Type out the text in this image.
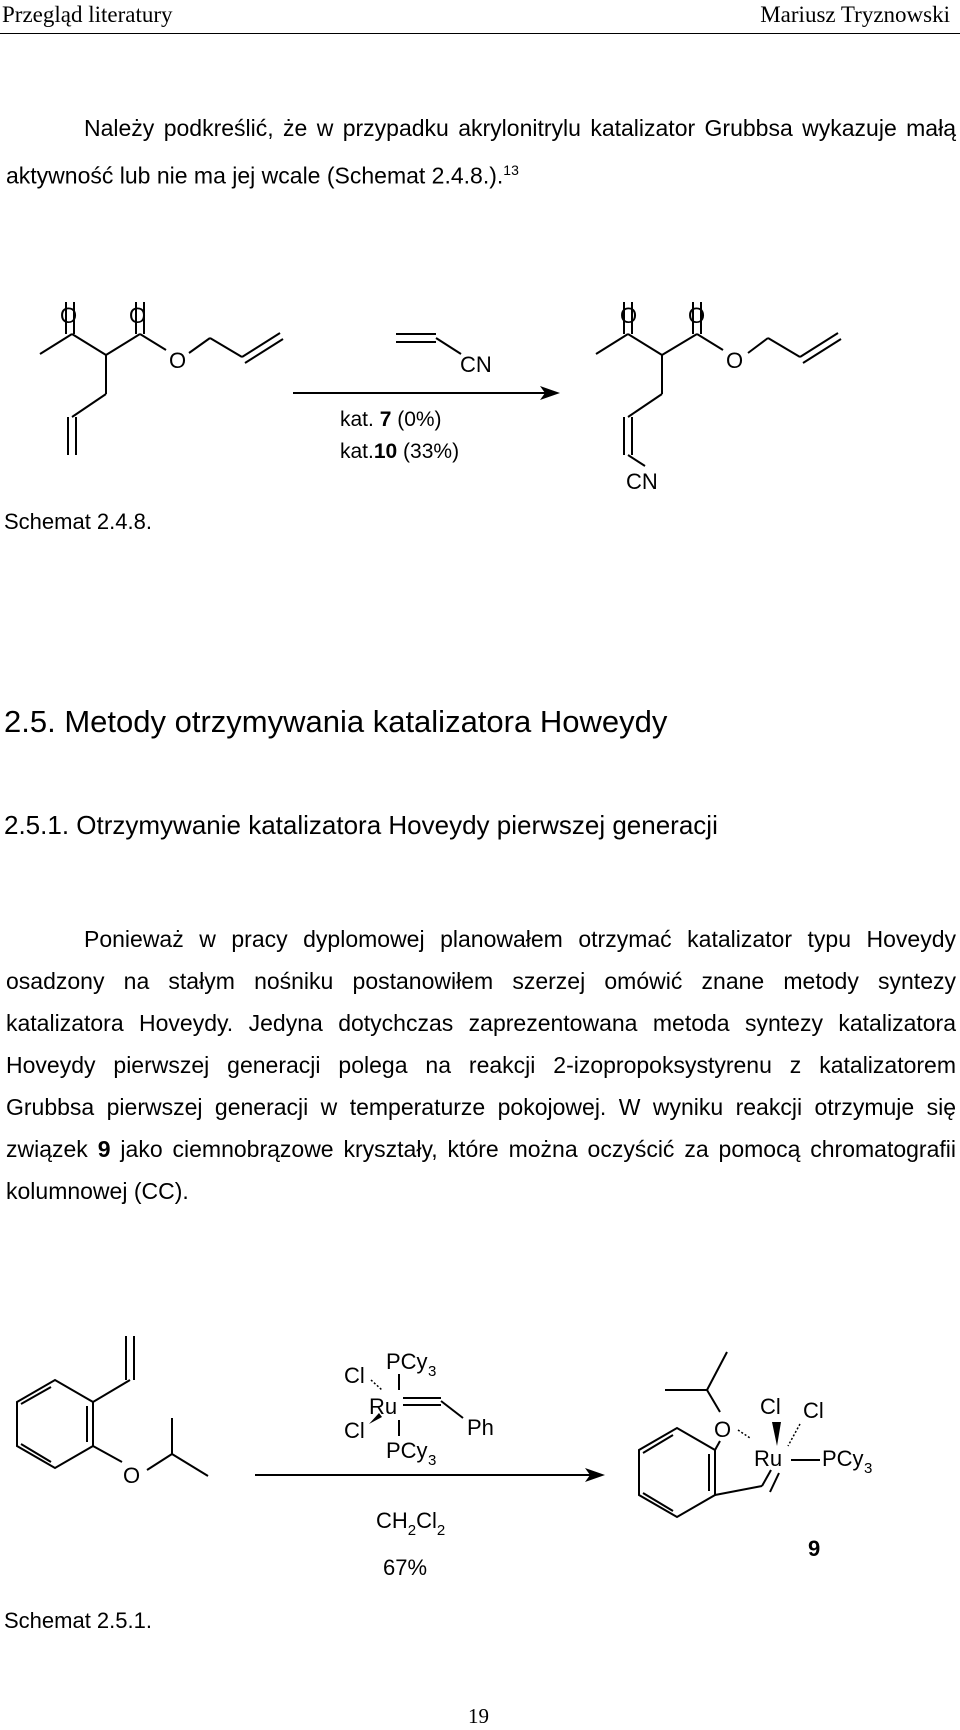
Przegląd literatury	Mariusz Tryznowski
Należy podkreślić, że w przypadku akrylonitrylu katalizator Grubbsa wykazuje małą aktywność lub nie ma jej wcale (Schemat 2.4.8.).$^{13}$
O O
O	CN
kat. 7 (0%)
kat.10 (33%)
O O
O
CN
Schemat 2.4.8.
2.5. Metody otrzymywania katalizatora Howeydy
2.5.1. Otrzymywanie katalizatora Hoveydy pierwszej generacji
Ponieważ w pracy dyplomowej planowałem otrzymać katalizator typu Hoveydy osadzony na stałym nośniku postanowiłem szerzej omówić znane metody syntezy katalizatora Hoveydy. Jedyna dotychczas zaprezentowana metoda syntezy katalizatora Hoveydy pierwszej generacji polega na reakcji 2-izopropoksystyrenu z katalizatorem Grubbsa pierwszej generacji w temperaturze pokojowej. W wyniku reakcji otrzymuje się związek 9 jako ciemnobrązowe kryształy, które można oczyścić za pomocą chromatografii kolumnowej (CC).
O
Cl
PCy 3
Ru
Ph
Cl
PCy 3
$CH_2Cl_2$
67%
O
Cl Cl
Ru PCy 3
9
Schemat 2.5.1.
19
